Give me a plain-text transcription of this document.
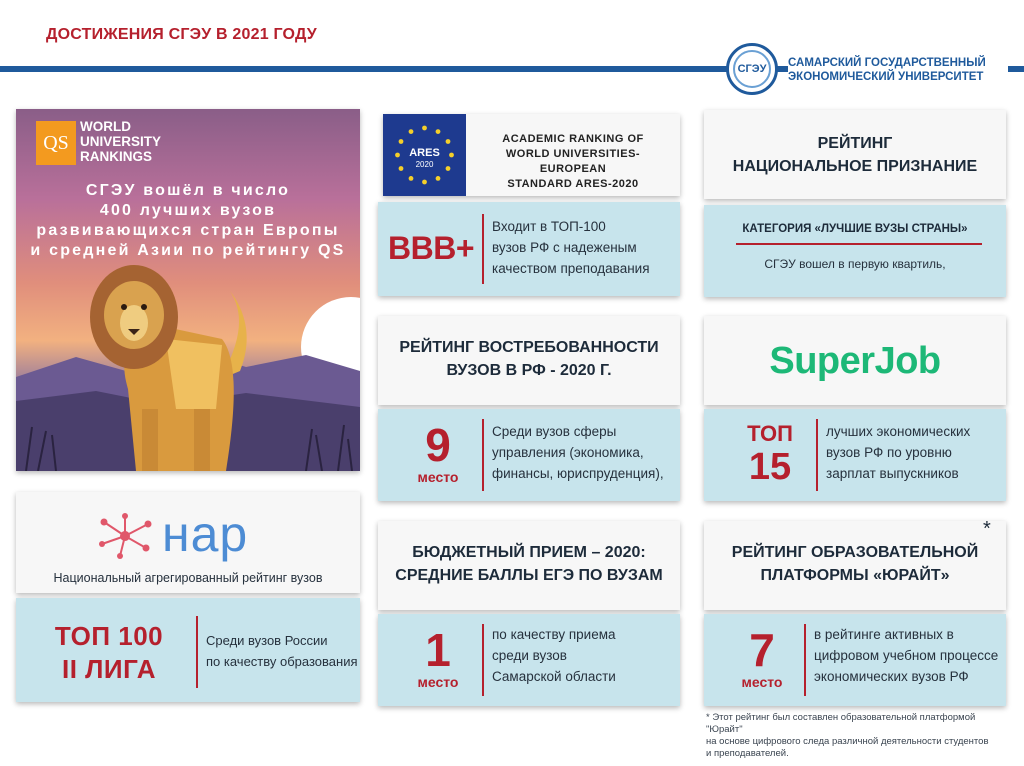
ДОСТИЖЕНИЯ СГЭУ В 2021 ГОДУ
СГЭУ	САМАРСКИЙ ГОСУДАРСТВЕННЫЙ
ЭКОНОМИЧЕСКИЙ УНИВЕРСИТЕТ
QS
WORLD
UNIVERSITY
RANKINGS
СГЭУ вошёл в число
400 лучших вузов
развивающихся стран Европы
и средней Азии по рейтингу QS
ARES
2020
ACADEMIC RANKING OF
WORLD UNIVERSITIES-EUROPEAN
STANDARD ARES-2020
BBB+
Входит в ТОП-100
вузов РФ с надеженым
качеством преподавания
РЕЙТИНГ
НАЦИОНАЛЬНОЕ ПРИЗНАНИЕ
КАТЕГОРИЯ «ЛУЧШИЕ ВУЗЫ СТРАНЫ»
СГЭУ вошел в первую квартиль,
РЕЙТИНГ ВОСТРЕБОВАННОСТИ
ВУЗОВ В РФ - 2020 Г.
9
место
Среди вузов сферы
управления (экономика,
финансы, юриспруденция),
SuperJob
ТОП
15
лучших экономических
вузов РФ по уровню
зарплат выпускников
нар
Национальный агрегированный рейтинг вузов
ТОП 100
II ЛИГА
Среди вузов России
по качеству образования
БЮДЖЕТНЫЙ ПРИЕМ – 2020:
СРЕДНИЕ БАЛЛЫ ЕГЭ ПО ВУЗАМ
1
место
по качеству приема
среди вузов
Самарской области
РЕЙТИНГ ОБРАЗОВАТЕЛЬНОЙ
ПЛАТФОРМЫ «ЮРАЙТ»
*
7
место
в рейтинге активных в
цифровом учебном процессе
экономических вузов РФ
* Этот рейтинг был составлен образовательной платформой "Юрайт"
на основе цифрового следа различной деятельности студентов
и преподавателей.
